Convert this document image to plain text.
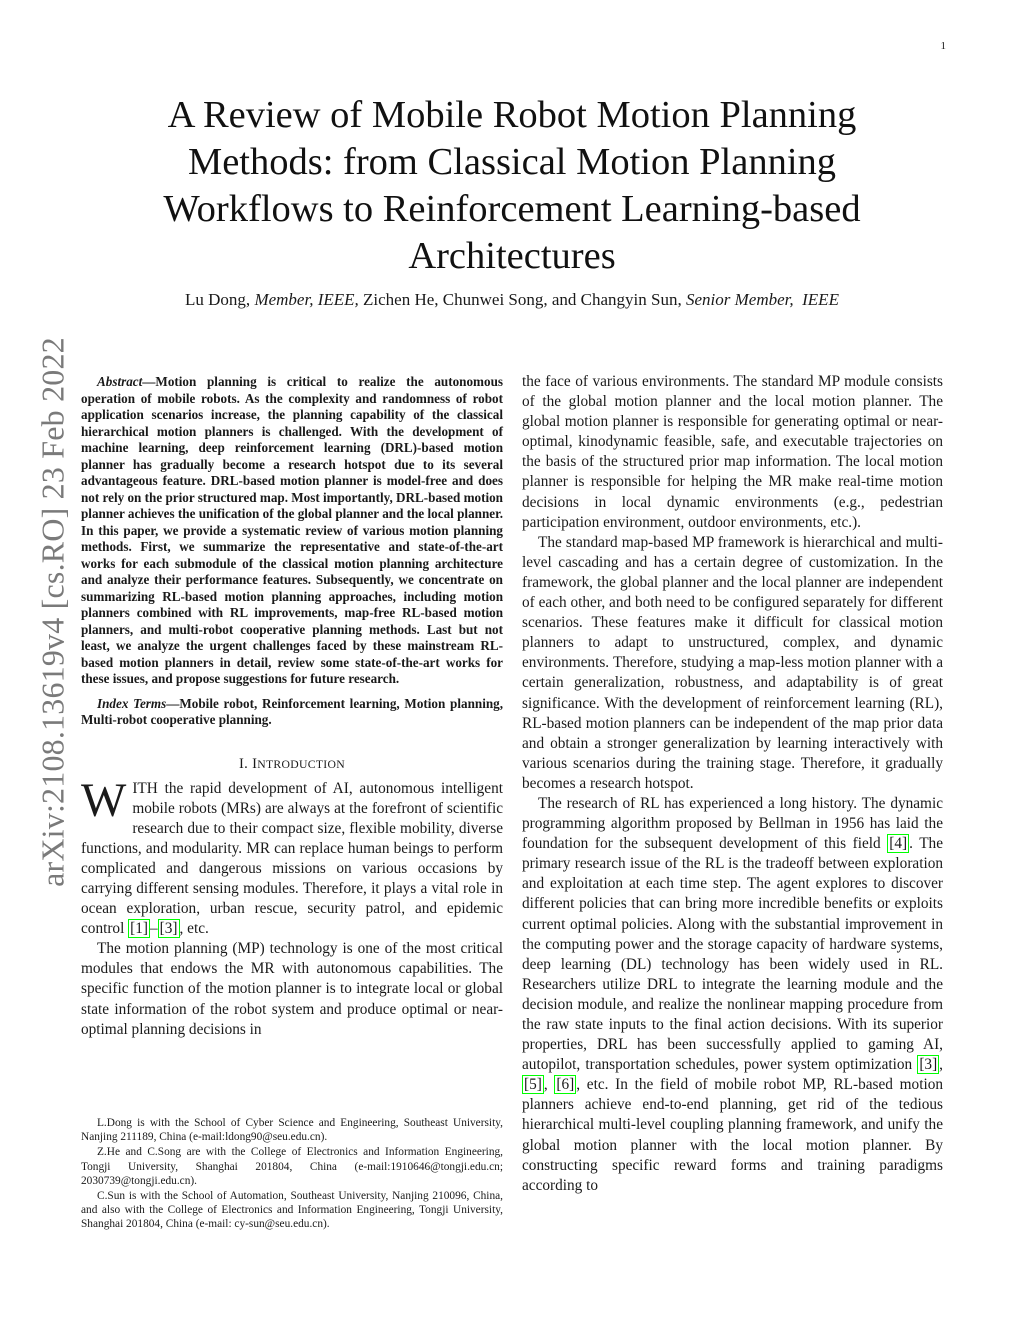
1
A Review of Mobile Robot Motion Planning Methods: from Classical Motion Planning Workflows to Reinforcement Learning-based Architectures
Lu Dong, Member, IEEE, Zichen He, Chunwei Song, and Changyin Sun, Senior Member, IEEE
arXiv:2108.13619v4 [cs.RO] 23 Feb 2022	Abstract—Motion planning is critical to realize the autonomous operation of mobile robots. As the complexity and randomness of robot application scenarios increase, the planning capability of the classical hierarchical motion planners is challenged. With the development of machine learning, deep reinforcement learning (DRL)-based motion planner has gradually become a research hotspot due to its several advantageous feature. DRL-based motion planner is model-free and does not rely on the prior structured map. Most importantly, DRL-based motion planner achieves the unification of the global planner and the local planner. In this paper, we provide a systematic review of various motion planning methods. First, we summarize the representative and state-of-the-art works for each submodule of the classical motion planning architecture and analyze their performance features. Subsequently, we concentrate on summarizing RL-based motion planning approaches, including motion planners combined with RL improvements, map-free RL-based motion planners, and multi-robot cooperative planning methods. Last but not least, we analyze the urgent challenges faced by these mainstream RL-based motion planners in detail, review some state-of-the-art works for these issues, and propose suggestions for future research.

Index Terms—Mobile robot, Reinforcement learning, Motion planning, Multi-robot cooperative planning.

I. INTRODUCTION

WITH the rapid development of AI, autonomous intelligent mobile robots (MRs) are always at the forefront of scientific research due to their compact size, flexible mobility, diverse functions, and modularity. MR can replace human beings to perform complicated and dangerous missions on various occasions by carrying different sensing modules. Therefore, it plays a vital role in ocean exploration, urban rescue, security patrol, and epidemic control [1] – [3] , etc.

The motion planning (MP) technology is one of the most critical modules that endows the MR with autonomous capabilities. The specific function of the motion planner is to integrate local or global state information of the robot system and produce optimal or near-optimal planning decisions in

the face of various environments. The standard MP module consists of the global motion planner and the local motion planner. The global motion planner is responsible for generating optimal or near-optimal, kinodynamic feasible, safe, and executable trajectories on the basis of the structured prior map information. The local motion planner is responsible for helping the MR make real-time motion decisions in local dynamic environments (e.g., pedestrian participation environment, outdoor environments, etc.).

The standard map-based MP framework is hierarchical and multi-level cascading and has a certain degree of customization. In the framework, the global planner and the local planner are independent of each other, and both need to be configured separately for different scenarios. These features make it difficult for classical motion planners to adapt to unstructured, complex, and dynamic environments. Therefore, studying a map-less motion planner with a certain generalization, robustness, and adaptability is of great significance. With the development of reinforcement learning (RL), RL-based motion planners can be independent of the map prior data and obtain a stronger generalization by learning interactively with various scenarios during the training stage. Therefore, it gradually becomes a research hotspot.

The research of RL has experienced a long history. The dynamic programming algorithm proposed by Bellman in 1956 has laid the foundation for the subsequent development of this field [4] . The primary research issue of the RL is the tradeoff between exploration and exploitation at each time step. The agent explores to discover different policies that can bring more incredible benefits or exploits current optimal policies. Along with the substantial improvement in the computing power and the storage capacity of hardware systems, deep learning (DL) technology has been widely used in RL. Researchers utilize DRL to integrate the learning module and the decision module, and realize the nonlinear mapping procedure from the raw state inputs to the final action decisions. With its superior properties, DRL has been successfully applied to gaming AI, autopilot, transportation schedules, power system optimization [3] , [5] , [6] , etc. In the field of mobile robot MP, RL-based motion planners achieve end-to-end planning, get rid of the tedious hierarchical multi-level coupling planning framework, and unify the global motion planner with the local motion planner. By constructing specific reward forms and training paradigms according to

L.Dong is with the School of Cyber Science and Engineering, Southeast University, Nanjing 211189, China (e-mail:ldong90@seu.edu.cn).

Z.He and C.Song are with the College of Electronics and Information Engineering, Tongji University, Shanghai 201804, China (e-mail:1910646@tongji.edu.cn; 2030739@tongji.edu.cn).

C.Sun is with the School of Automation, Southeast University, Nanjing 210096, China, and also with the College of Electronics and Information Engineering, Tongji University, Shanghai 201804, China (e-mail: cy-sun@seu.edu.cn).
